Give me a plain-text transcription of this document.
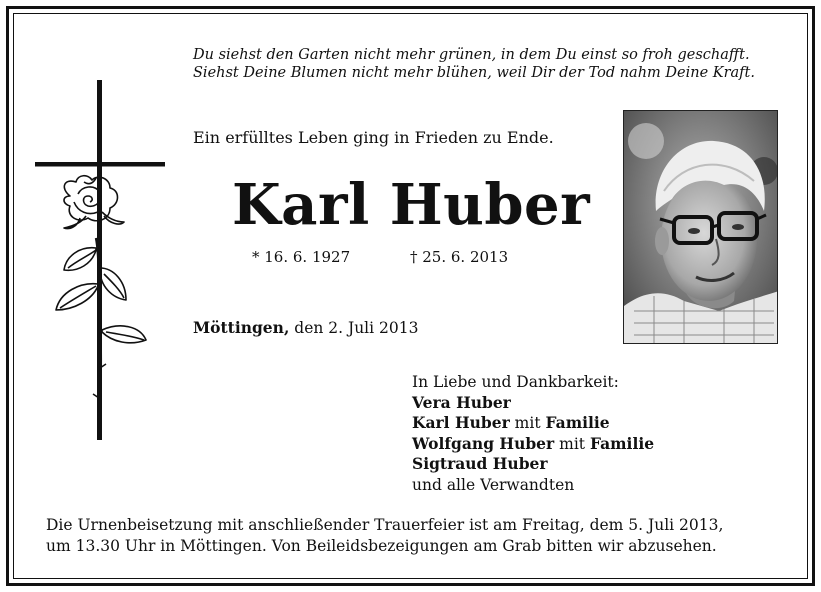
Du siehst den Garten nicht mehr grünen, in dem Du einst so froh geschafft.
Siehst Deine Blumen nicht mehr blühen, weil Dir der Tod nahm Deine Kraft.
Ein erfülltes Leben ging in Frieden zu Ende.
Karl Huber
* 16. 6. 1927	† 25. 6. 2013
Möttingen, den 2. Juli 2013
In Liebe und Dankbarkeit:
Vera Huber
Karl Huber mit Familie
Wolfgang Huber mit Familie
Sigtraud Huber
und alle Verwandten
Die Urnenbeisetzung mit anschließender Trauerfeier ist am Freitag, dem 5. Juli 2013,
um 13.30 Uhr in Möttingen. Von Beileidsbezeigungen am Grab bitten wir abzusehen.
